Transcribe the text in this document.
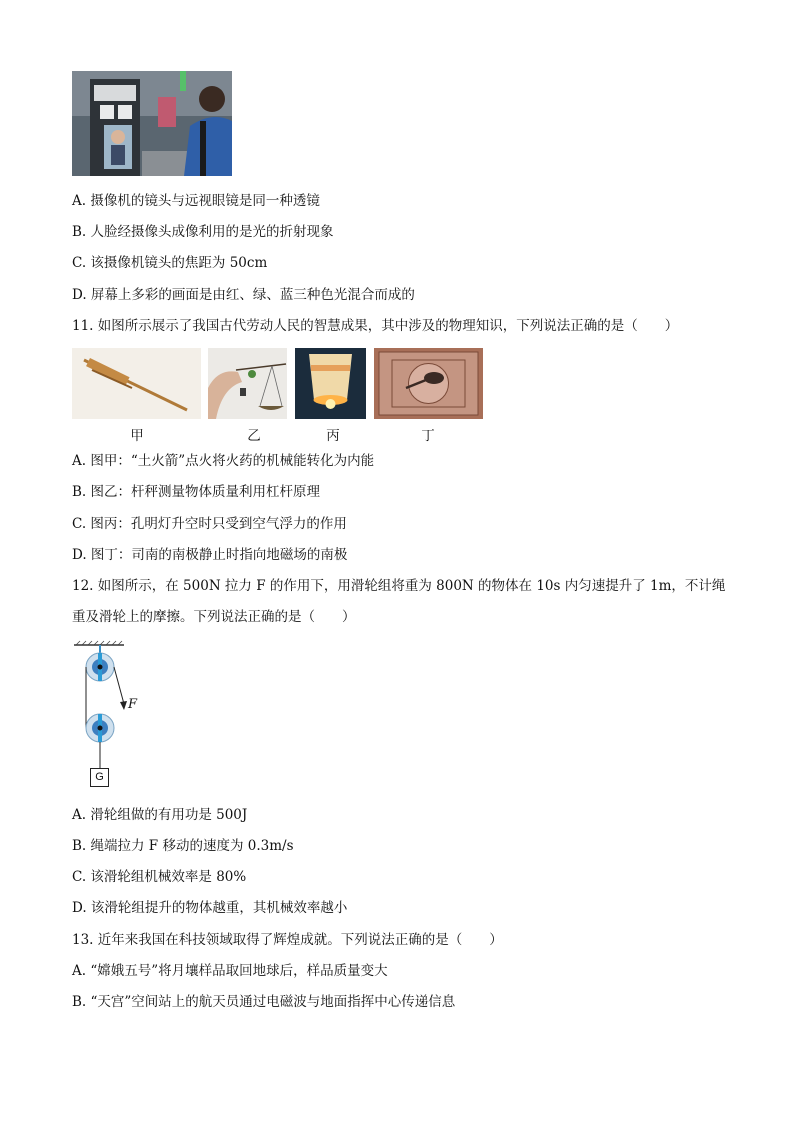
A. 摄像机的镜头与远视眼镜是同一种透镜
B. 人脸经摄像头成像利用的是光的折射现象
C. 该摄像机镜头的焦距为 50cm
D. 屏幕上多彩的画面是由红、绿、蓝三种色光混合而成的
11. 如图所示展示了我国古代劳动人民的智慧成果，其中涉及的物理知识，下列说法正确的是（　　）
甲	乙	丙	丁
A. 图甲：“土火箭”点火将火药的机械能转化为内能
B. 图乙：杆秤测量物体质量利用杠杆原理
C. 图丙：孔明灯升空时只受到空气浮力的作用
D. 图丁：司南的南极静止时指向地磁场的南极
12. 如图所示，在 500N 拉力 F 的作用下，用滑轮组将重为 800N 的物体在 10s 内匀速提升了 1m，不计绳
重及滑轮上的摩擦。下列说法正确的是（　　）
F
G
A. 滑轮组做的有用功是 500J
B. 绳端拉力 F 移动的速度为 0.3m/s
C. 该滑轮组机械效率是 80%
D. 该滑轮组提升的物体越重，其机械效率越小
13. 近年来我国在科技领域取得了辉煌成就。下列说法正确的是（　　）
A. “嫦娥五号”将月壤样品取回地球后，样品质量变大
B. “天宫”空间站上的航天员通过电磁波与地面指挥中心传递信息
